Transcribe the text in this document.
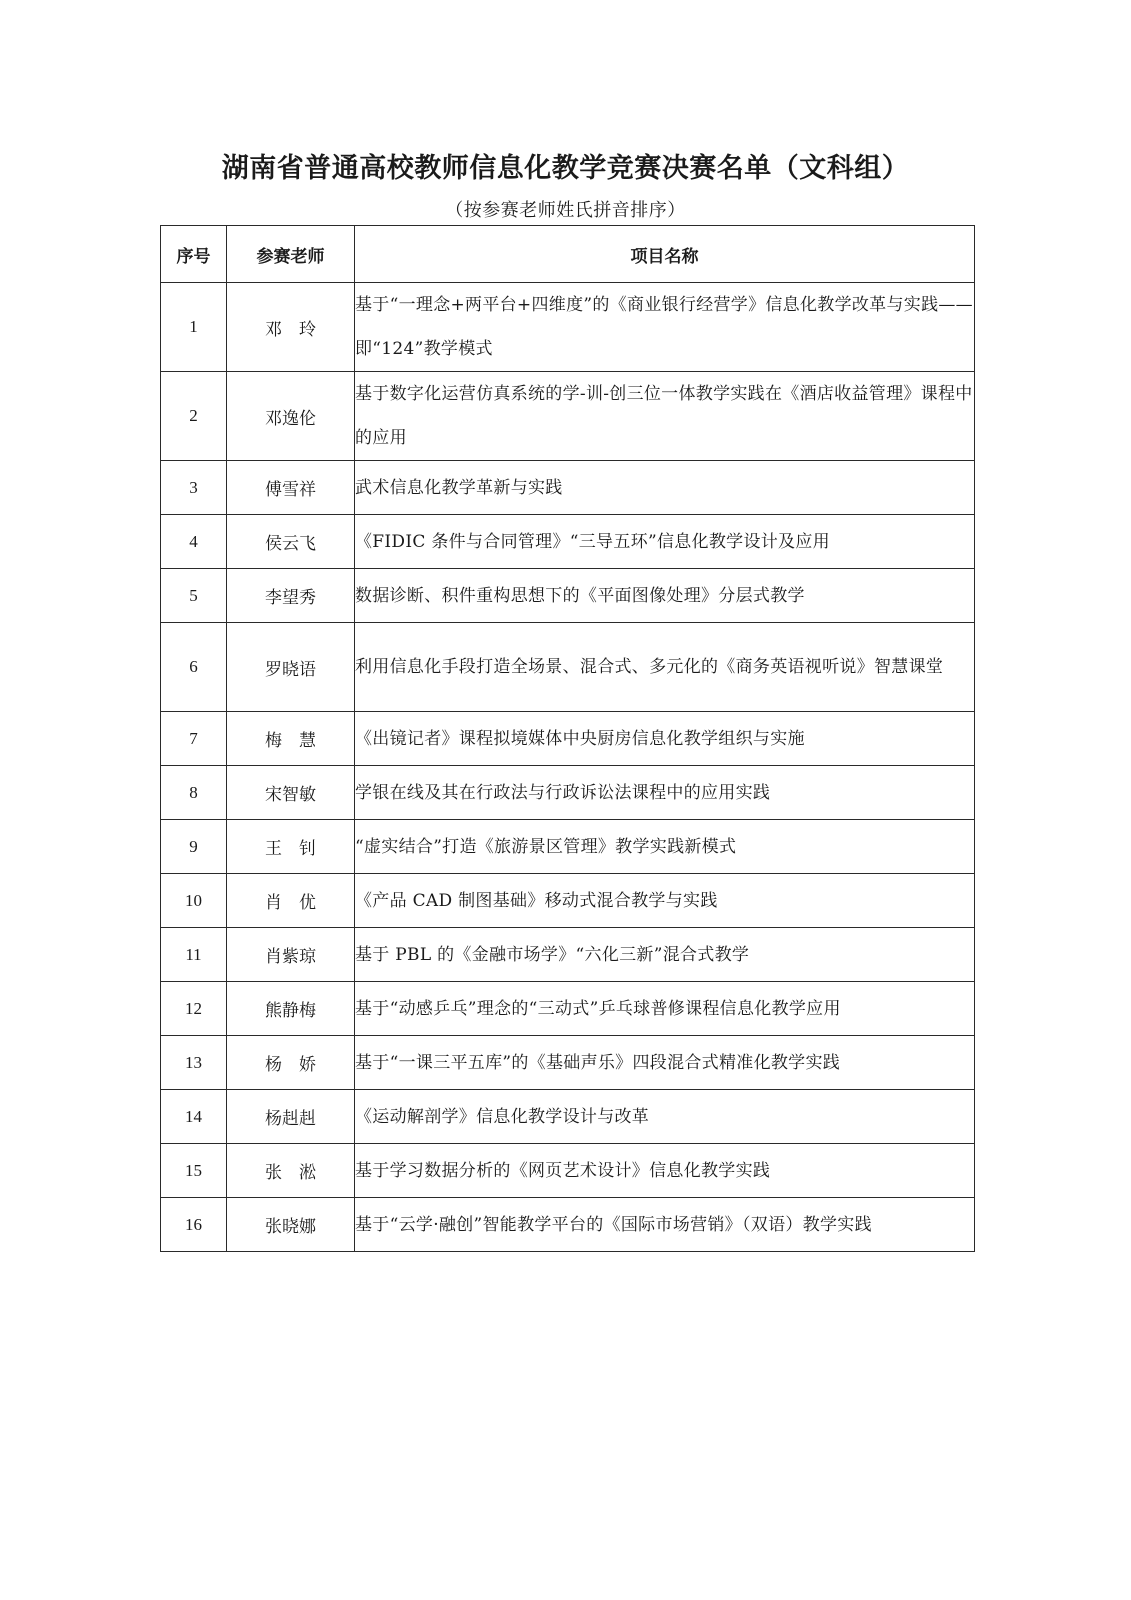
湖南省普通高校教师信息化教学竞赛决赛名单（文科组）
（按参赛老师姓氏拼音排序）
序号	参赛老师	项目名称
1	邓　玲	基于“一理念+两平台+四维度”的《商业银行经营学》信息化教学改革与实践——即“124”教学模式
2	邓逸伦	基于数字化运营仿真系统的学-训-创三位一体教学实践在《酒店收益管理》课程中的应用
3	傅雪祥	武术信息化教学革新与实践
4	侯云飞	《FIDIC 条件与合同管理》“三导五环”信息化教学设计及应用
5	李望秀	数据诊断、积件重构思想下的《平面图像处理》分层式教学
6	罗晓语	利用信息化手段打造全场景、混合式、多元化的《商务英语视听说》智慧课堂
7	梅　慧	《出镜记者》课程拟境媒体中央厨房信息化教学组织与实施
8	宋智敏	学银在线及其在行政法与行政诉讼法课程中的应用实践
9	王　钊	“虚实结合”打造《旅游景区管理》教学实践新模式
10	肖　优	《产品 CAD 制图基础》移动式混合教学与实践
11	肖紫琼	基于 PBL 的《金融市场学》“六化三新”混合式教学
12	熊静梅	基于“动感乒乓”理念的“三动式”乒乓球普修课程信息化教学应用
13	杨　娇	基于“一课三平五库”的《基础声乐》四段混合式精准化教学实践
14	杨赳赳	《运动解剖学》信息化教学设计与改革
15	张　淞	基于学习数据分析的《网页艺术设计》信息化教学实践
16	张晓娜	基于“云学·融创”智能教学平台的《国际市场营销》（双语）教学实践
